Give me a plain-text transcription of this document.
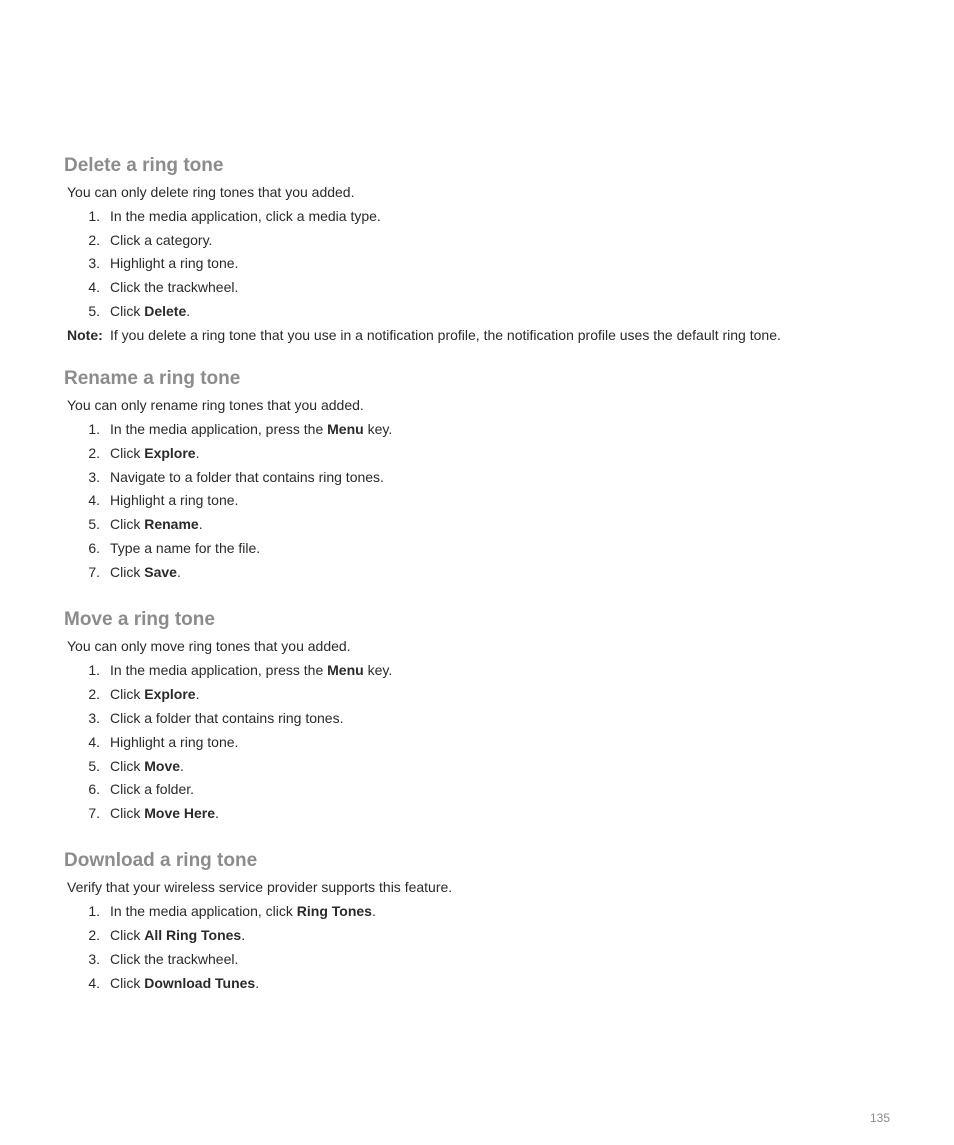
Delete a ring tone
You can only delete ring tones that you added.
1. In the media application, click a media type.
2. Click a category.
3. Highlight a ring tone.
4. Click the trackwheel.
5. Click Delete.
Note: If you delete a ring tone that you use in a notification profile, the notification profile uses the default ring tone.
Rename a ring tone
You can only rename ring tones that you added.
1. In the media application, press the Menu key.
2. Click Explore.
3. Navigate to a folder that contains ring tones.
4. Highlight a ring tone.
5. Click Rename.
6. Type a name for the file.
7. Click Save.
Move a ring tone
You can only move ring tones that you added.
1. In the media application, press the Menu key.
2. Click Explore.
3. Click a folder that contains ring tones.
4. Highlight a ring tone.
5. Click Move.
6. Click a folder.
7. Click Move Here.
Download a ring tone
Verify that your wireless service provider supports this feature.
1. In the media application, click Ring Tones.
2. Click All Ring Tones.
3. Click the trackwheel.
4. Click Download Tunes.
135
